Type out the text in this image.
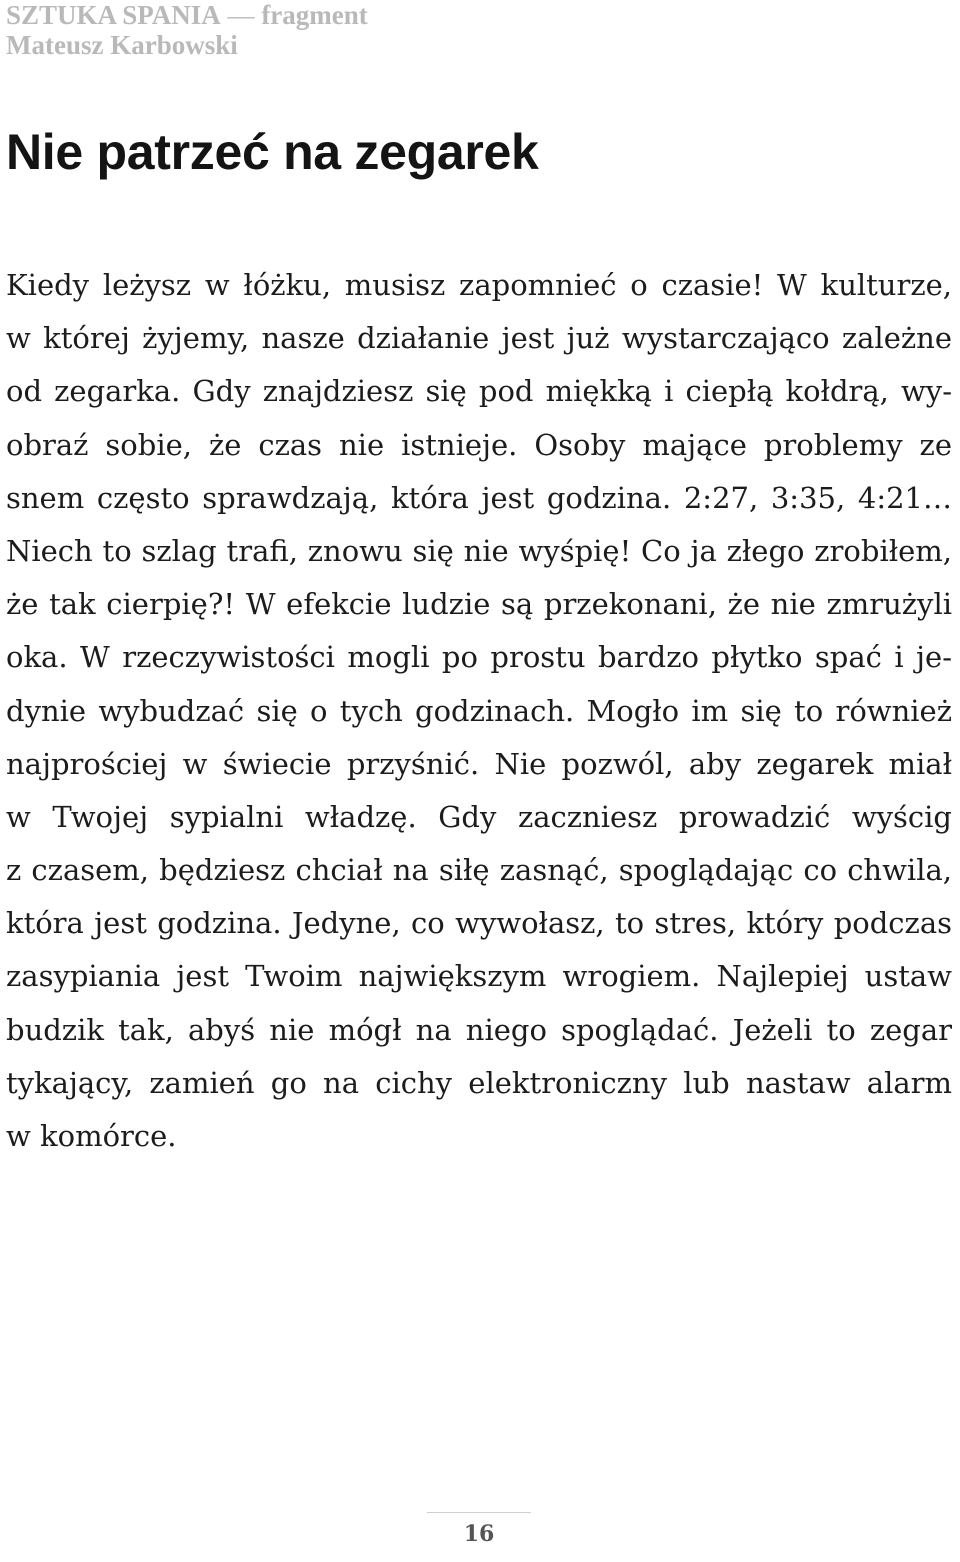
SZTUKA SPANIA — fragment
Mateusz Karbowski
Nie patrzeć na zegarek
Kiedy leżysz w łóżku, musisz zapomnieć o czasie! W kulturze,
w której żyjemy, nasze działanie jest już wystarczająco zależne
od zegarka. Gdy znajdziesz się pod miękką i ciepłą kołdrą, wy-
obraź sobie, że czas nie istnieje. Osoby mające problemy ze
snem często sprawdzają, która jest godzina. 2:27, 3:35, 4:21…
Niech to szlag trafi, znowu się nie wyśpię! Co ja złego zrobiłem,
że tak cierpię?! W efekcie ludzie są przekonani, że nie zmrużyli
oka. W rzeczywistości mogli po prostu bardzo płytko spać i je-
dynie wybudzać się o tych godzinach. Mogło im się to również
najprościej w świecie przyśnić. Nie pozwól, aby zegarek miał
w Twojej sypialni władzę. Gdy zaczniesz prowadzić wyścig
z czasem, będziesz chciał na siłę zasnąć, spoglądając co chwila,
która jest godzina. Jedyne, co wywołasz, to stres, który podczas
zasypiania jest Twoim największym wrogiem. Najlepiej ustaw
budzik tak, abyś nie mógł na niego spoglądać. Jeżeli to zegar
tykający, zamień go na cichy elektroniczny lub nastaw alarm
w komórce.
16
